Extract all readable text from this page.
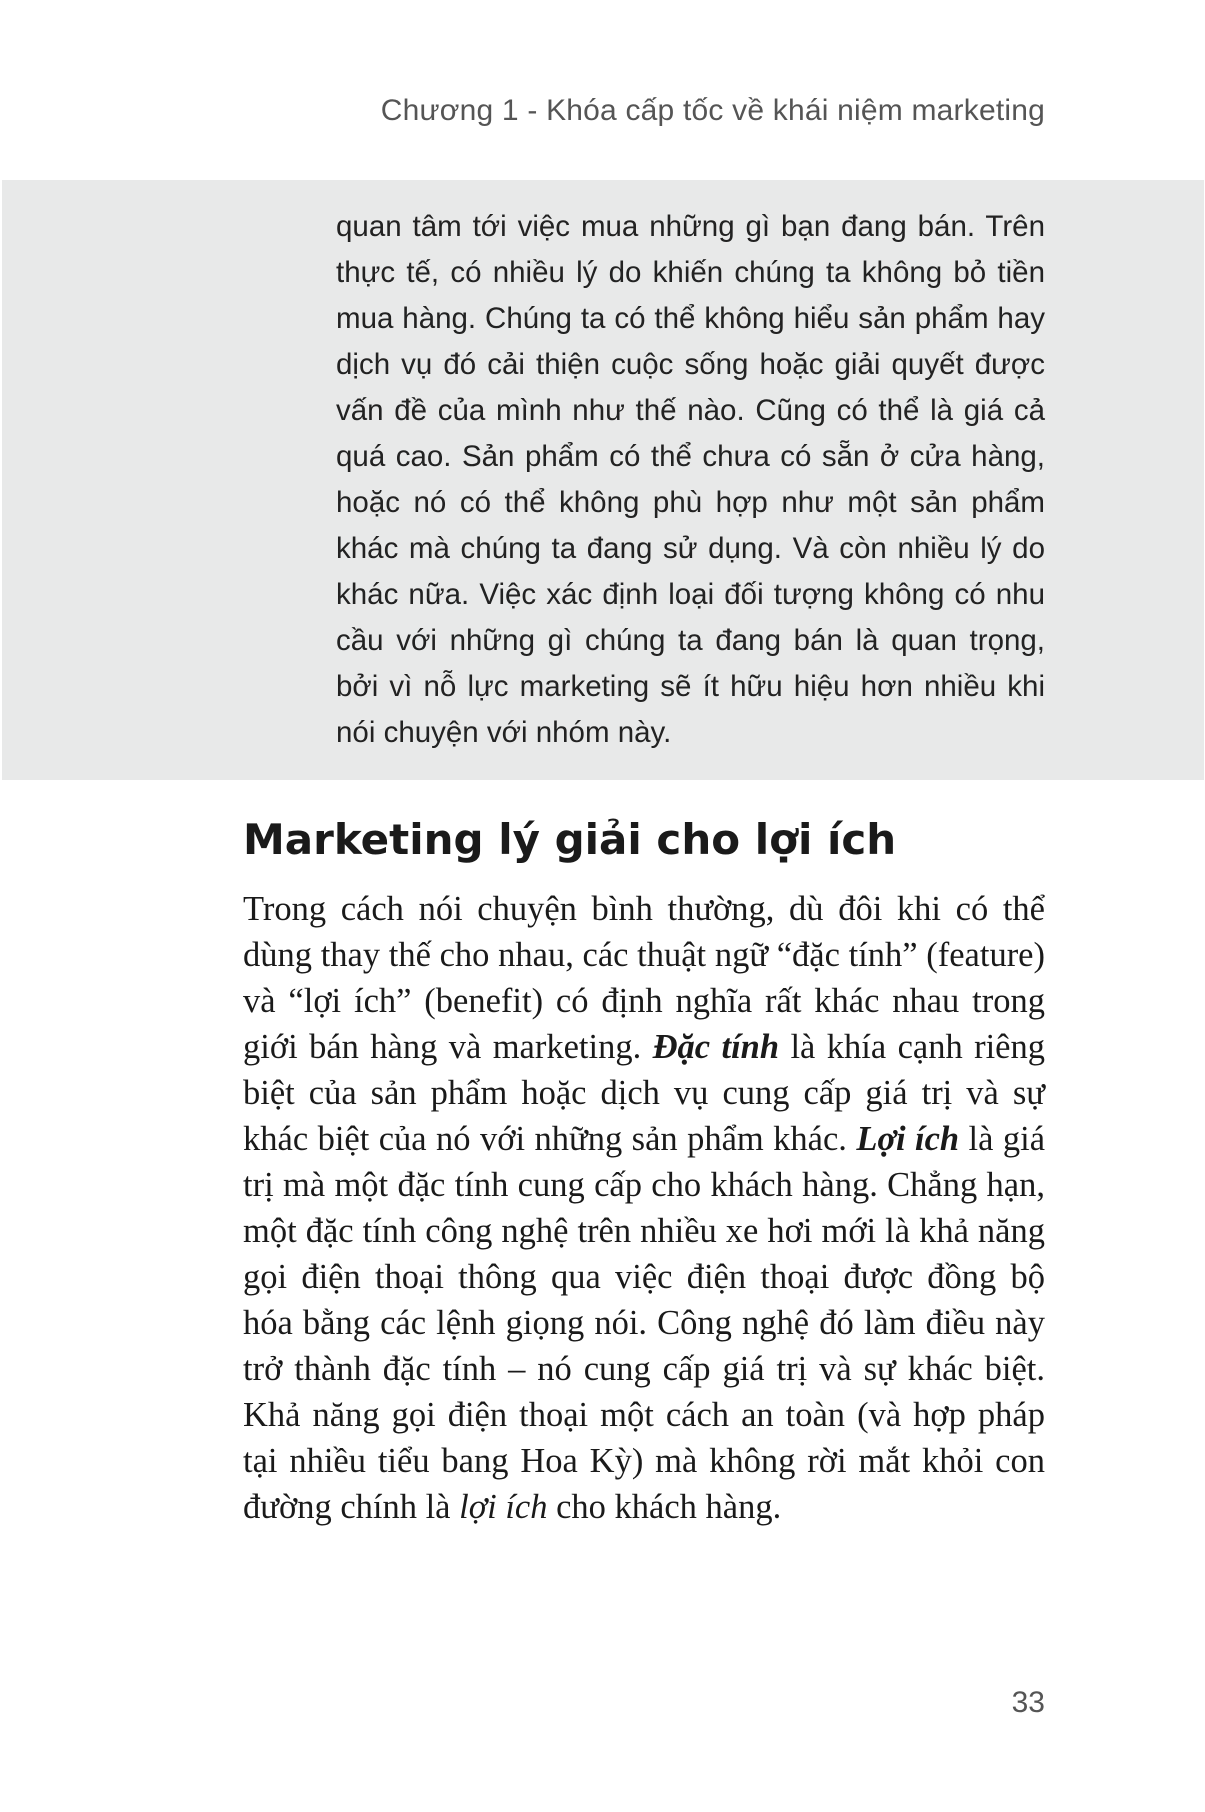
Chương 1 - Khóa cấp tốc về khái niệm marketing

quan tâm tới việc mua những gì bạn đang bán. Trên thực tế, có nhiều lý do khiến chúng ta không bỏ tiền mua hàng. Chúng ta có thể không hiểu sản phẩm hay dịch vụ đó cải thiện cuộc sống hoặc giải quyết được vấn đề của mình như thế nào. Cũng có thể là giá cả quá cao. Sản phẩm có thể chưa có sẵn ở cửa hàng, hoặc nó có thể không phù hợp như một sản phẩm khác mà chúng ta đang sử dụng. Và còn nhiều lý do khác nữa. Việc xác định loại đối tượng không có nhu cầu với những gì chúng ta đang bán là quan trọng, bởi vì nỗ lực marketing sẽ ít hữu hiệu hơn nhiều khi nói chuyện với nhóm này.

Marketing lý giải cho lợi ích

Trong cách nói chuyện bình thường, dù đôi khi có thể dùng thay thế cho nhau, các thuật ngữ “đặc tính” (feature) và “lợi ích” (benefit) có định nghĩa rất khác nhau trong giới bán hàng và marketing. Đặc tính là khía cạnh riêng biệt của sản phẩm hoặc dịch vụ cung cấp giá trị và sự khác biệt của nó với những sản phẩm khác. Lợi ích là giá trị mà một đặc tính cung cấp cho khách hàng. Chẳng hạn, một đặc tính công nghệ trên nhiều xe hơi mới là khả năng gọi điện thoại thông qua việc điện thoại được đồng bộ hóa bằng các lệnh giọng nói. Công nghệ đó làm điều này trở thành đặc tính – nó cung cấp giá trị và sự khác biệt. Khả năng gọi điện thoại một cách an toàn (và hợp pháp tại nhiều tiểu bang Hoa Kỳ) mà không rời mắt khỏi con đường chính là lợi ích cho khách hàng.

33
